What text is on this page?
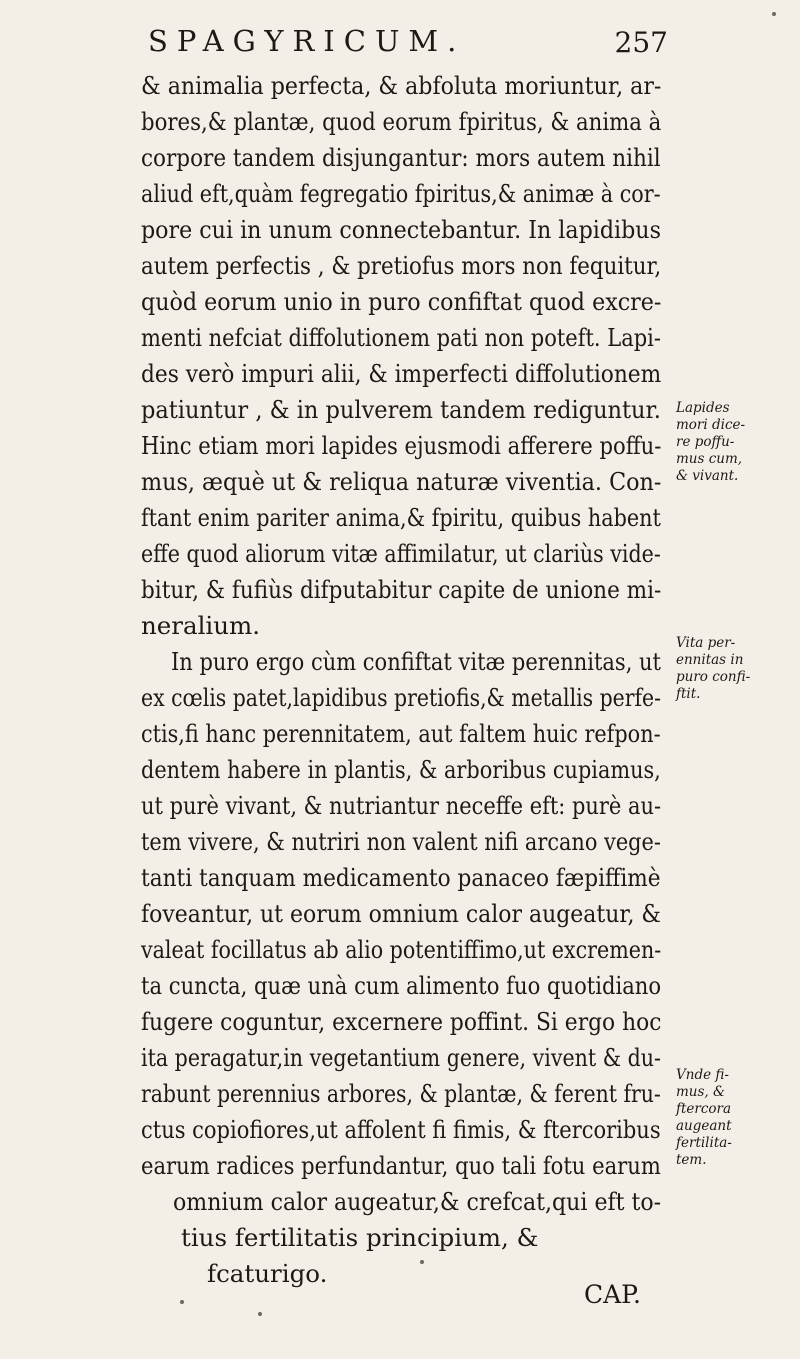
SPAGYRICUM.	257
& animalia perfecta, & abfoluta moriuntur, ar-
bores,& plantæ, quod eorum fpiritus, & anima à
corpore tandem disjungantur: mors autem nihil
aliud eft,quàm fegregatio fpiritus,& animæ à cor-
pore cui in unum connectebantur. In lapidibus
autem perfectis , & pretiofus mors non fequitur,
quòd eorum unio in puro confiftat quod excre-
menti nefciat diffolutionem pati non poteft. Lapi-
des verò impuri alii, & imperfecti diffolutionem
patiuntur , & in pulverem tandem rediguntur.
Hinc etiam mori lapides ejusmodi afferere poffu-
mus, æquè ut & reliqua naturæ viventia. Con-
ftant enim pariter anima,& fpiritu, quibus habent
effe quod aliorum vitæ affimilatur, ut clariùs vide-
bitur, & fufiùs difputabitur capite de unione mi-
neralium.
In puro ergo cùm confiftat vitæ perennitas, ut
ex cœlis patet,lapidibus pretiofis,& metallis perfe-
ctis,fi hanc perennitatem, aut faltem huic refpon-
dentem habere in plantis, & arboribus cupiamus,
ut purè vivant, & nutriantur neceffe eft: purè au-
tem vivere, & nutriri non valent nifi arcano vege-
tanti tanquam medicamento panaceo fæpiffimè
foveantur, ut eorum omnium calor augeatur, &
valeat focillatus ab alio potentiffimo,ut excremen-
ta cuncta, quæ unà cum alimento fuo quotidiano
fugere coguntur, excernere poffint. Si ergo hoc
ita peragatur,in vegetantium genere, vivent & du-
rabunt perennius arbores, & plantæ, & ferent fru-
ctus copiofiores,ut affolent fi fimis, & ftercoribus
earum radices perfundantur, quo tali fotu earum
omnium calor augeatur,& crefcat,qui eft to-
tius fertilitatis principium, &
fcaturigo.
Lapides
mori dice-
re poffu-
mus cum,
& vivant.
Vita per-
ennitas in
puro confi-
ftit.
Vnde fi-
mus, &
ftercora
augeant
fertilita-
tem.
CAP.
